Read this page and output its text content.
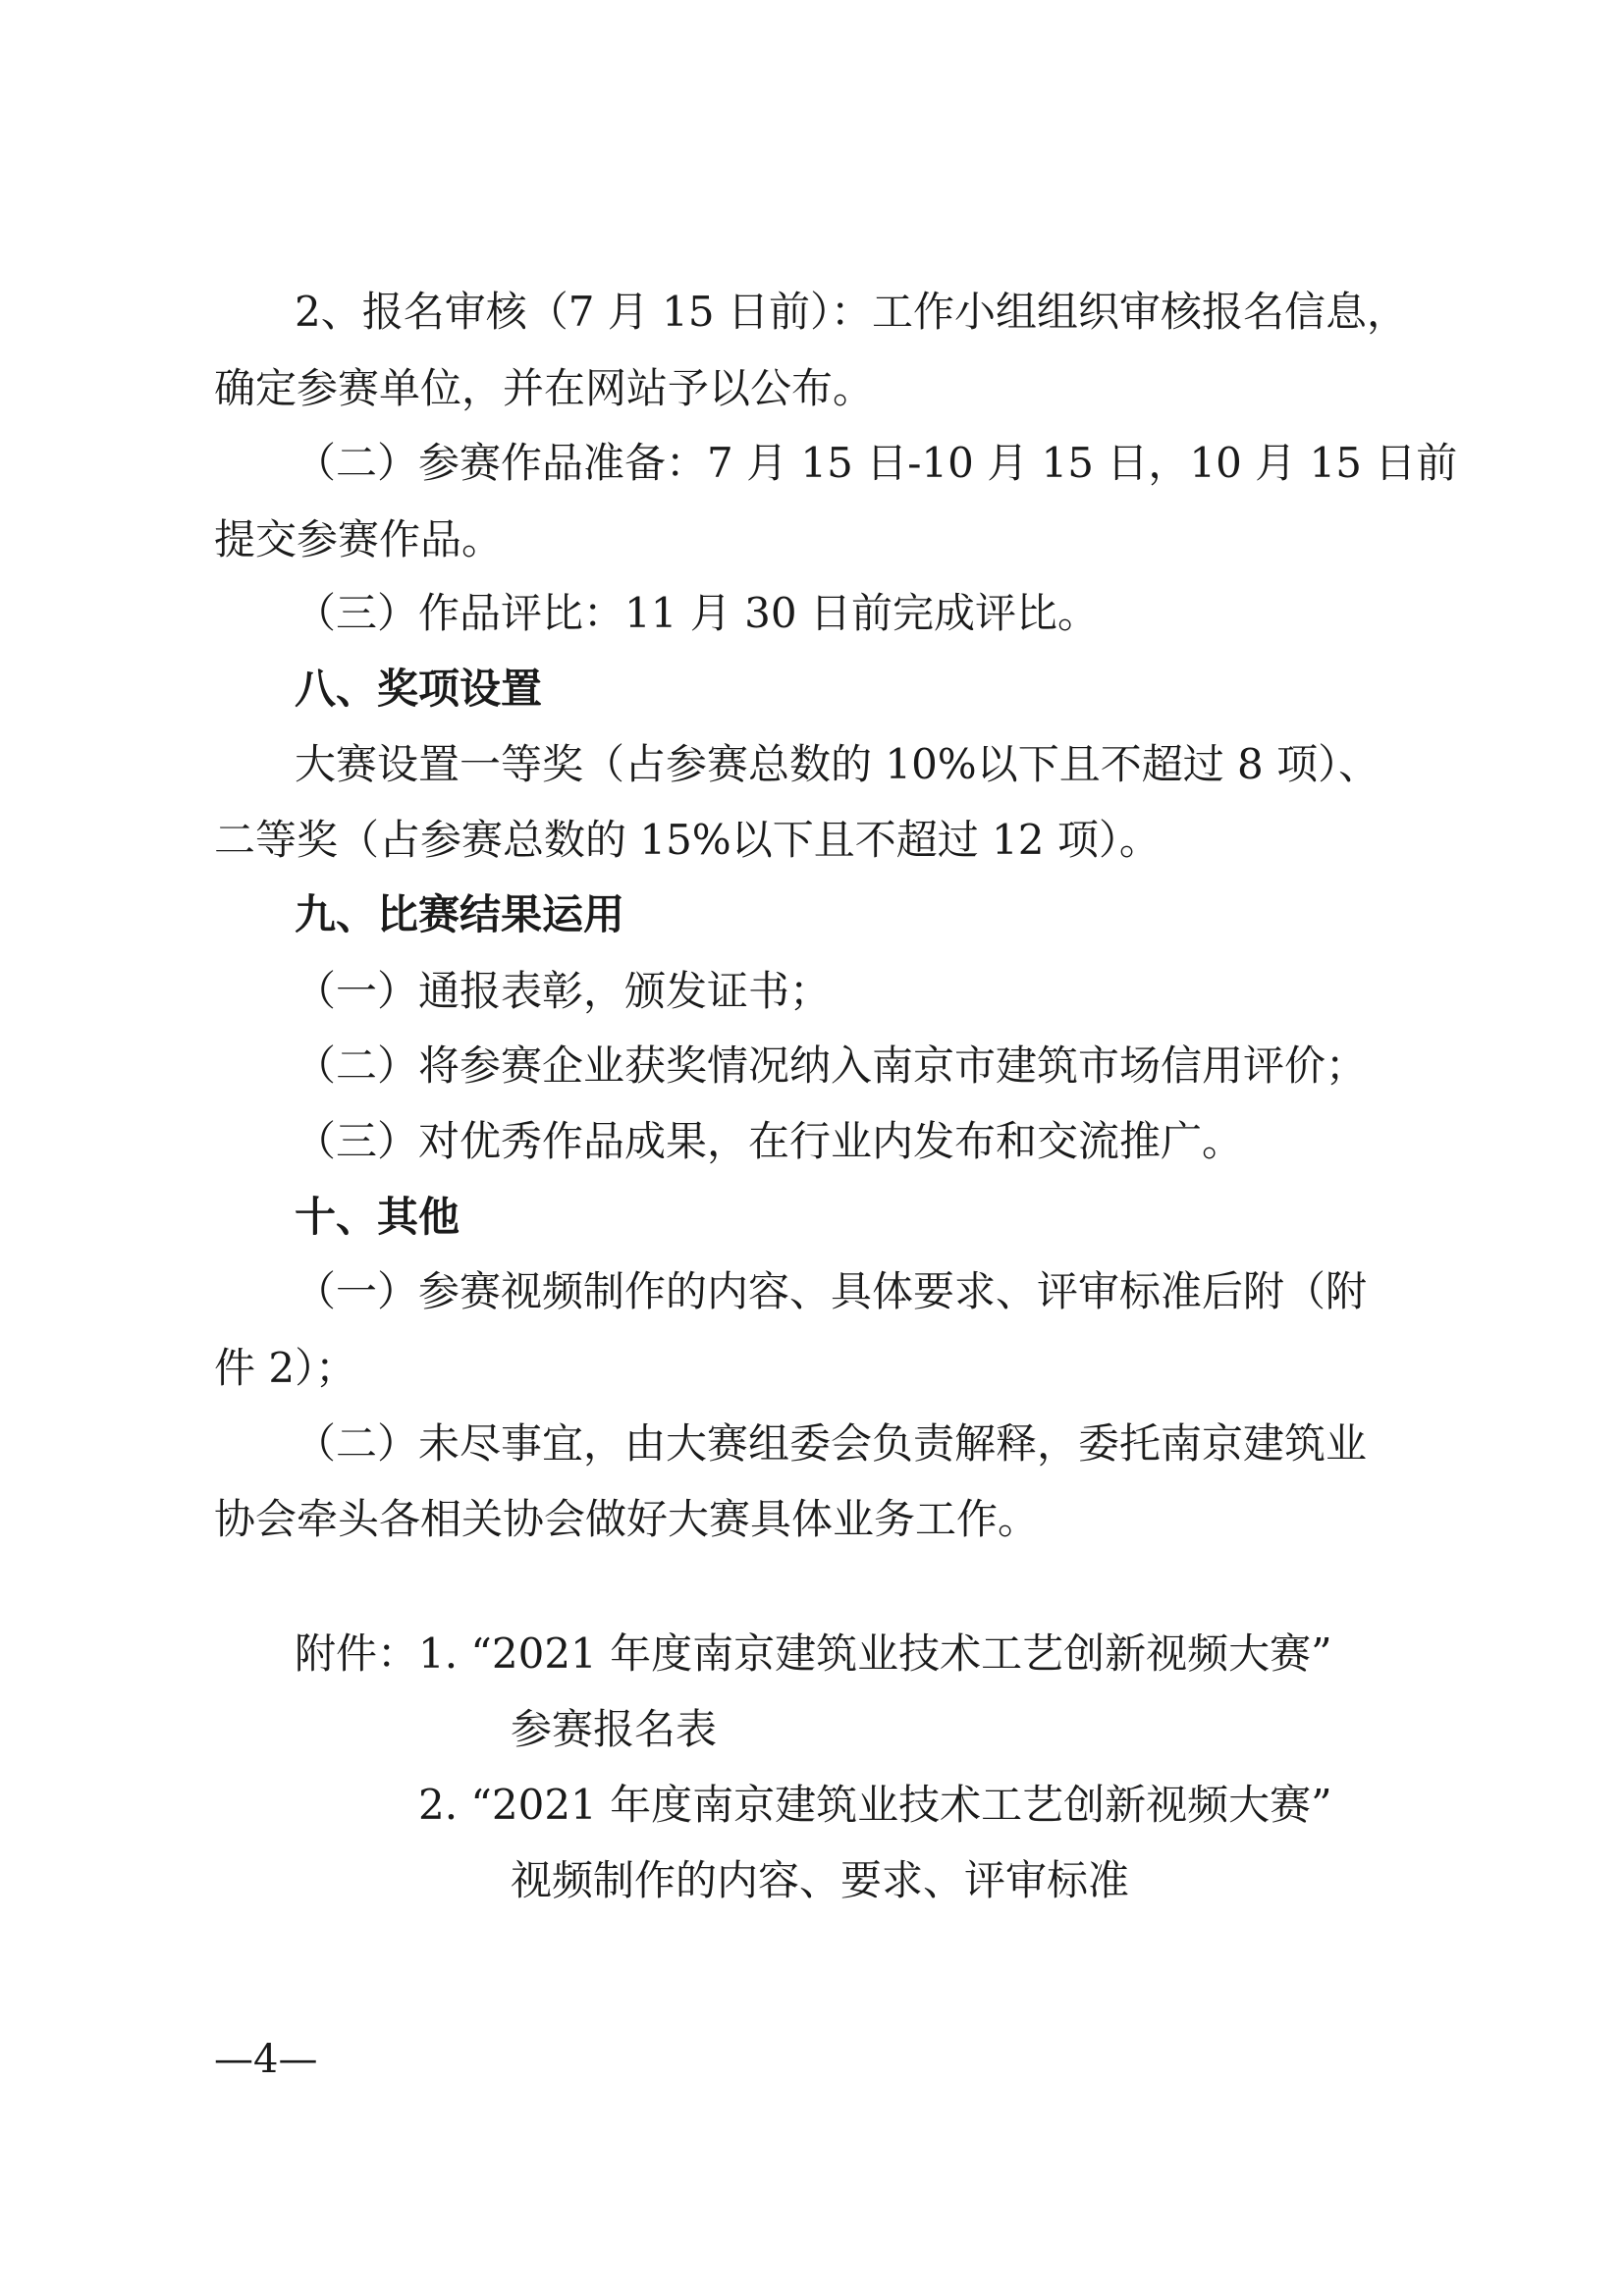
2、报名审核（7 月 15 日前）：工作小组组织审核报名信息，
确定参赛单位，并在网站予以公布。
（二）参赛作品准备：7 月 15 日-10 月 15 日，10 月 15 日前
提交参赛作品。
（三）作品评比：11 月 30 日前完成评比。
八、奖项设置
大赛设置一等奖（占参赛总数的 10%以下且不超过 8 项）、
二等奖（占参赛总数的 15%以下且不超过 12 项）。
九、比赛结果运用
（一）通报表彰，颁发证书；
（二）将参赛企业获奖情况纳入南京市建筑市场信用评价；
（三）对优秀作品成果，在行业内发布和交流推广。
十、其他
（一）参赛视频制作的内容、具体要求、评审标准后附（附
件 2）；
（二）未尽事宜，由大赛组委会负责解释，委托南京建筑业
协会牵头各相关协会做好大赛具体业务工作。
附件： 1. “2021 年度南京建筑业技术工艺创新视频大赛”
参赛报名表
2. “2021 年度南京建筑业技术工艺创新视频大赛”
视频制作的内容、要求、评审标准
—4—
